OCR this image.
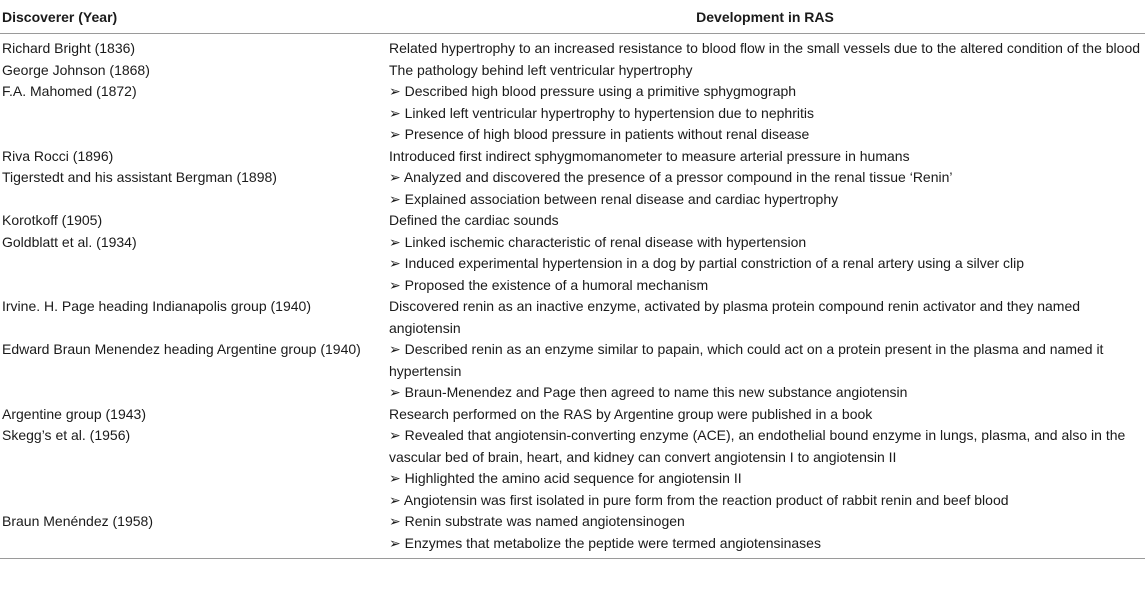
Discoverer (Year)	Development in RAS
Richard Bright (1836)	Related hypertrophy to an increased resistance to blood flow in the small vessels due to the altered condition of the blood

George Johnson (1868)	The pathology behind left ventricular hypertrophy

F.A. Mahomed (1872)	➢ Described high blood pressure using a primitive sphygmograph
➢ Linked left ventricular hypertrophy to hypertension due to nephritis
➢ Presence of high blood pressure in patients without renal disease

Riva Rocci (1896)	Introduced first indirect sphygmomanometer to measure arterial pressure in humans

Tigerstedt and his assistant Bergman (1898)	➢ Analyzed and discovered the presence of a pressor compound in the renal tissue ‘Renin’
➢ Explained association between renal disease and cardiac hypertrophy

Korotkoff (1905)	Defined the cardiac sounds

Goldblatt et al. (1934)	➢ Linked ischemic characteristic of renal disease with hypertension
➢ Induced experimental hypertension in a dog by partial constriction of a renal artery using a silver clip
➢ Proposed the existence of a humoral mechanism

Irvine. H. Page heading Indianapolis group (1940)	Discovered renin as an inactive enzyme, activated by plasma protein compound renin activator and they named angiotensin

Edward Braun Menendez heading Argentine group (1940)	➢ Described renin as an enzyme similar to papain, which could act on a protein present in the plasma and named it hypertensin
➢ Braun-Menendez and Page then agreed to name this new substance angiotensin

Argentine group (1943)	Research performed on the RAS by Argentine group were published in a book

Skegg’s et al. (1956)	➢ Revealed that angiotensin-converting enzyme (ACE), an endothelial bound enzyme in lungs, plasma, and also in the vascular bed of brain, heart, and kidney can convert angiotensin I to angiotensin II
➢ Highlighted the amino acid sequence for angiotensin II
➢ Angiotensin was first isolated in pure form from the reaction product of rabbit renin and beef blood

Braun Menéndez (1958)	➢ Renin substrate was named angiotensinogen
➢ Enzymes that metabolize the peptide were termed angiotensinases
